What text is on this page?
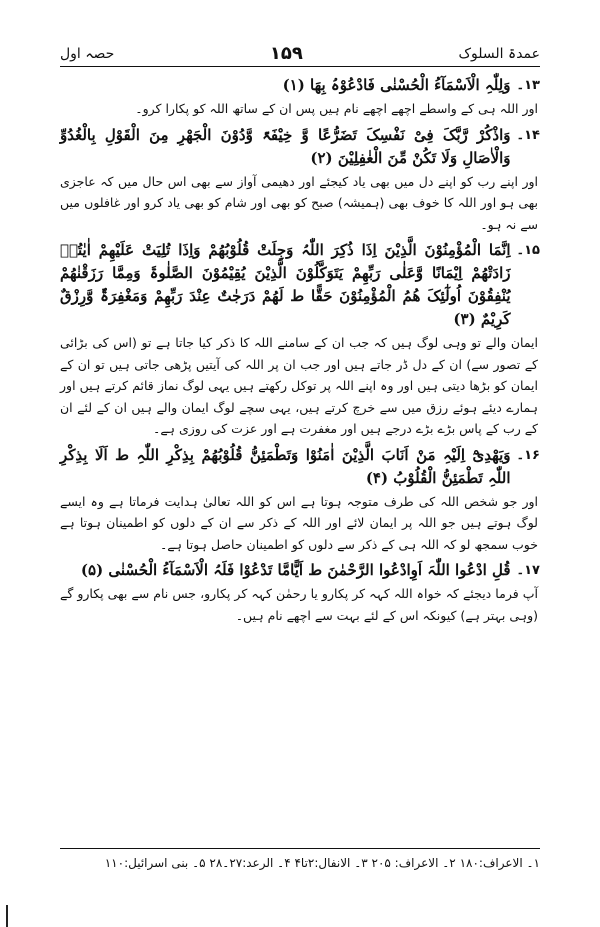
حصہ اول	۱۵۹	عمدۃ السلوک
۱۳۔
وَلِلّٰہِ الْاَسْمَآءُ الْحُسْنٰی فَادْعُوْہُ بِھَا (۱)

اور اللہ ہی کے واسطے اچھے اچھے نام ہیں پس ان کے ساتھ اللہ کو پکارا کرو۔

۱۴۔
وَاذْکُرْ رَّبَّکَ فِیْ نَفْسِکَ تَضَرُّعًا وَّ خِیْفَۃً وَّدُوْنَ الْجَھْرِ مِنَ الْقَوْلِ بِالْغُدُوِّ وَالْاٰصَالِ وَلَا تَکُنْ مِّنَ الْغٰفِلِیْنَ (۲)

اور اپنے رب کو اپنے دل میں بھی یاد کیجئے اور دھیمی آواز سے بھی اس حال میں کہ عاجزی بھی ہو اور اللہ کا خوف بھی (ہمیشہ) صبح کو بھی اور شام کو بھی یاد کرو اور غافلوں میں سے نہ ہو۔

۱۵۔
اِنَّمَا الْمُؤْمِنُوْنَ الَّذِیْنَ اِذَا ذُکِرَ اللّٰہُ وَجِلَتْ قُلُوْبُھُمْ وَاِذَا تُلِیَتْ عَلَیْھِمْ اٰیٰتُہٗ زَادَتْھُمْ اِیْمَانًا وَّعَلٰی رَبِّھِمْ یَتَوَکَّلُوْنَ الَّذِیْنَ یُقِیْمُوْنَ الصَّلٰوۃَ وَمِمَّا رَزَقْنٰھُمْ یُنْفِقُوْنَ اُولٰٓئِکَ ھُمُ الْمُؤْمِنُوْنَ حَقًّا ط لَھُمْ دَرَجٰتٌ عِنْدَ رَبِّھِمْ وَمَغْفِرَۃٌ وَّرِزْقٌ کَرِیْمٌ (۳)

ایمان والے تو وہی لوگ ہیں کہ جب ان کے سامنے اللہ کا ذکر کیا جاتا ہے تو (اس کی بڑائی کے تصور سے) ان کے دل ڈر جاتے ہیں اور جب ان پر اللہ کی آیتیں پڑھی جاتی ہیں تو ان کے ایمان کو بڑھا دیتی ہیں اور وہ اپنے اللہ پر توکل رکھتے ہیں یہی لوگ نماز قائم کرتے ہیں اور ہمارے دیئے ہوئے رزق میں سے خرچ کرتے ہیں، یہی سچے لوگ ایمان والے ہیں ان کے لئے ان کے رب کے پاس بڑے بڑے درجے ہیں اور مغفرت ہے اور عزت کی روزی ہے۔

۱۶۔
وَیَھْدِیْٓ اِلَیْہِ مَنْ اَنَابَ الَّذِیْنَ اٰمَنُوْا وَتَطْمَئِنُّ قُلُوْبُھُمْ بِذِکْرِ اللّٰہِ ط اَلَا بِذِکْرِ اللّٰہِ تَطْمَئِنُّ الْقُلُوْبُ (۴)

اور جو شخص اللہ کی طرف متوجہ ہوتا ہے اس کو اللہ تعالیٰ ہدایت فرماتا ہے وہ ایسے لوگ ہوتے ہیں جو اللہ پر ایمان لائے اور اللہ کے ذکر سے ان کے دلوں کو اطمینان ہوتا ہے خوب سمجھ لو کہ اللہ ہی کے ذکر سے دلوں کو اطمینان حاصل ہوتا ہے۔

۱۷۔
قُلِ ادْعُوا اللّٰہَ اَوِادْعُوا الرَّحْمٰنَ ط اَیًّامَّا تَدْعُوْا فَلَہُ الْاَسْمَآءُ الْحُسْنٰی (۵)

آپ فرما دیجئے کہ خواہ اللہ کہہ کر پکارو یا رحمٰن کہہ کر پکارو، جس نام سے بھی پکارو گے (وہی بہتر ہے) کیونکہ اس کے لئے بہت سے اچھے نام ہیں۔

۱۔ الاعراف:۱۸۰ ۲۔ الاعراف: ۲۰۵ ۳۔ الانفال:۲تا۴ ۴۔ الرعد:۲۷۔۲۸ ۵۔ بنی اسرائیل:۱۱۰
